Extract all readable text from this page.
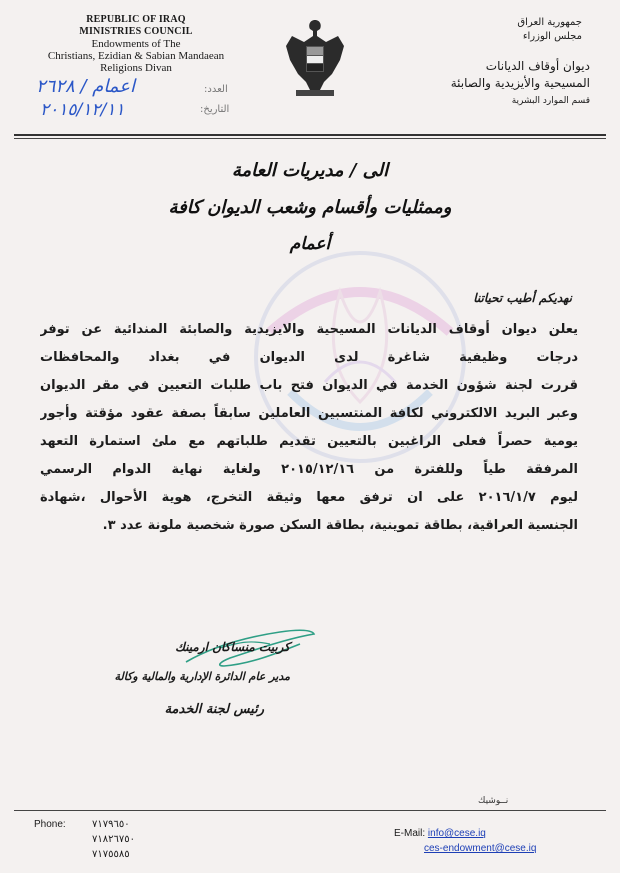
REPUBLIC OF IRAQ
MINISTRIES COUNCIL
Endowments of The
Christians, Ezidian & Sabian Mandaean
Religions Divan
جمهورية العراق
مجلس الوزراء
ديوان أوقاف الديانات
المسيحية والأيزيدية والصابئة
قسم الموارد البشرية
العدد:
اعمام / ٢٦٢٨
التاريخ:
٢٠١٥/١٢/١١
الى / مديريات العامة
وممثليات وأقسام وشعب الديوان كافة
أعمام
نهديكم أطيب تحياتنا
يعلن ديوان أوقاف الديانات المسيحية والايزيدية والصابئة المندائية عن توفر
درجات وظيفية شاغرة لدى الديوان في بغداد والمحافظات
قررت لجنة شؤون الخدمة في الديوان فتح باب طلبات التعيين في مقر الديوان
وعبر البريد الالكتروني لكافة المنتسبين العاملين سابقاً بصفة عقود مؤقتة وأجور
يومية حصراً فعلى الراغبين بالتعيين تقديم طلباتهم مع ملئ استمارة التعهد
المرفقة طياً وللفترة من ٢٠١٥/١٢/١٦ ولغاية نهاية الدوام الرسمي
ليوم ٢٠١٦/١/٧ على ان ترفق معها وثيقة التخرج، هوية الأحوال ،شهادة
الجنسية العراقية، بطاقة تموينية، بطاقة السكن صورة شخصية ملونة عدد ٣.
كربيت منساكان ارمينك
مدير عام الدائرة الإدارية والمالية وكالة
رئيس لجنة الخدمة
نــوشيك
Phone:	٧١٧٩٦٥٠
٧١٨٢٦٧٥٠
٧١٧٥٥٨٥
E-Mail: info@cese.iq
ces-endowment@cese.iq
